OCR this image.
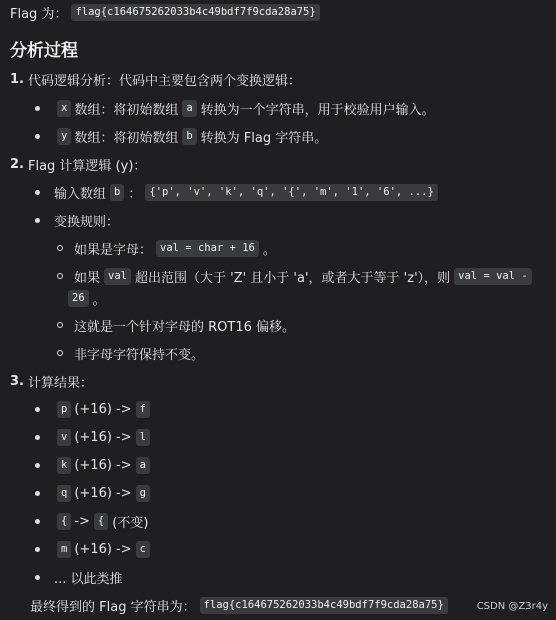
Flag 为： flag{c164675262033b4c49bdf7f9cda28a75}
分析过程
1. 代码逻辑分析：代码中主要包含两个变换逻辑：
x 数组：将初始数组 a 转换为一个字符串，用于校验用户输入。
y 数组：将初始数组 b 转换为 Flag 字符串。
2. Flag 计算逻辑 (y)：
输入数组 b ： {'p', 'v', 'k', 'q', '{', 'm', '1', '6', ...}
变换规则：
如果是字母： val = char + 16 。
如果 val 超出范围（大于 'Z' 且小于 'a'，或者大于等于 'z'），则 val = val -
26 。
这就是一个针对字母的 ROT16 偏移。
非字母字符保持不变。
3. 计算结果：
p (+16) -> f
v (+16) -> l
k (+16) -> a
q (+16) -> g
{ -> { (不变)
m (+16) -> c
... 以此类推
最终得到的 Flag 字符串为： flag{c164675262033b4c49bdf7f9cda28a75}	CSDN @Z3r4y
